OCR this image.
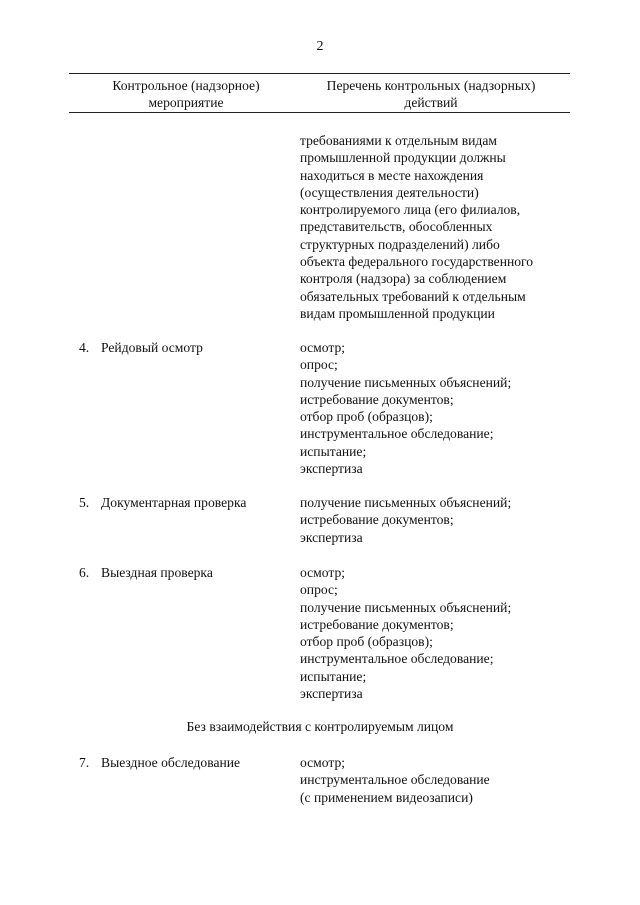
2
Контрольное (надзорное)
мероприятие
Перечень контрольных (надзорных)
действий
требованиями к отдельным видам
промышленной продукции должны
находиться в месте нахождения
(осуществления деятельности)
контролируемого лица (его филиалов,
представительств, обособленных
структурных подразделений) либо
объекта федерального государственного
контроля (надзора) за соблюдением
обязательных требований к отдельным
видам промышленной продукции
4. Рейдовый осмотр	осмотр;
опрос;
получение письменных объяснений;
истребование документов;
отбор проб (образцов);
инструментальное обследование;
испытание;
экспертиза
5. Документарная проверка	получение письменных объяснений;
истребование документов;
экспертиза
6. Выездная проверка	осмотр;
опрос;
получение письменных объяснений;
истребование документов;
отбор проб (образцов);
инструментальное обследование;
испытание;
экспертиза
Без взаимодействия с контролируемым лицом
7. Выездное обследование	осмотр;
инструментальное обследование
(с применением видеозаписи)
